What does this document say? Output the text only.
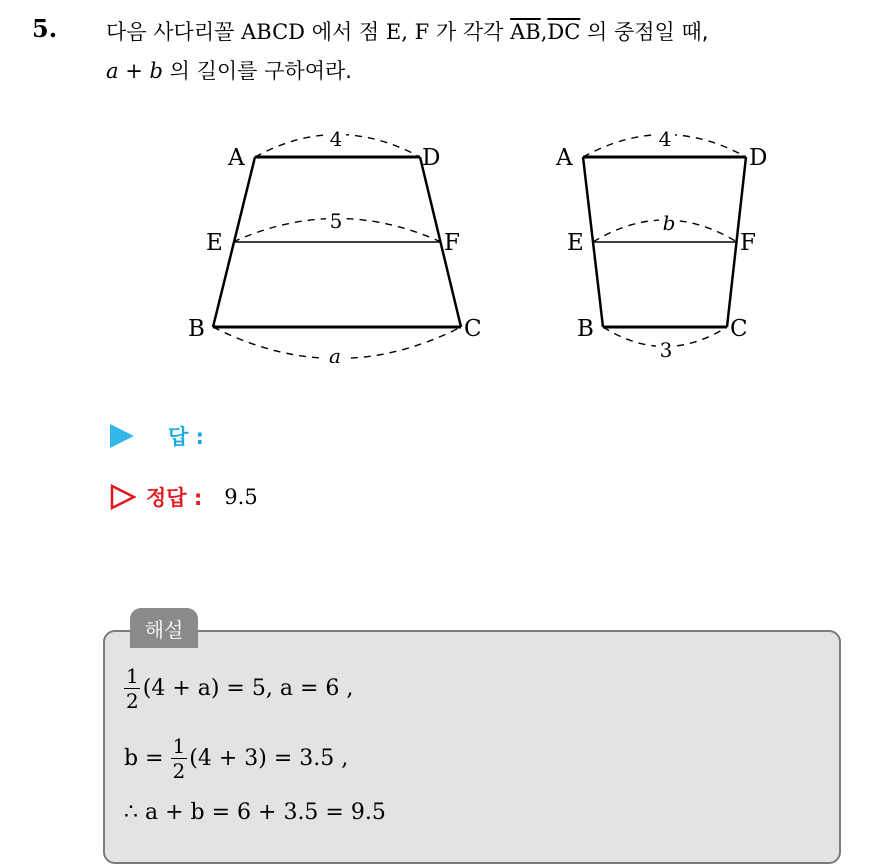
5. 다음 사다리꼴 ABCD 에서 점 E, F 가 각각 $\overline{AB},\overline{DC}$ 의 중점일 때,
a + b 의 길이를 구하여라.
4
5
a
A	D
E	F
B	C
4
b
3
A	D
E	F
B	C
답 :
정답 : 9.5
해설
$\frac{1}{2} (4 + a) = 5$, a = 6 ,
$b = \frac{1}{2} (4 + 3) = 3.5$ ,
∴ a + b = 6 + 3.5 = 9.5
